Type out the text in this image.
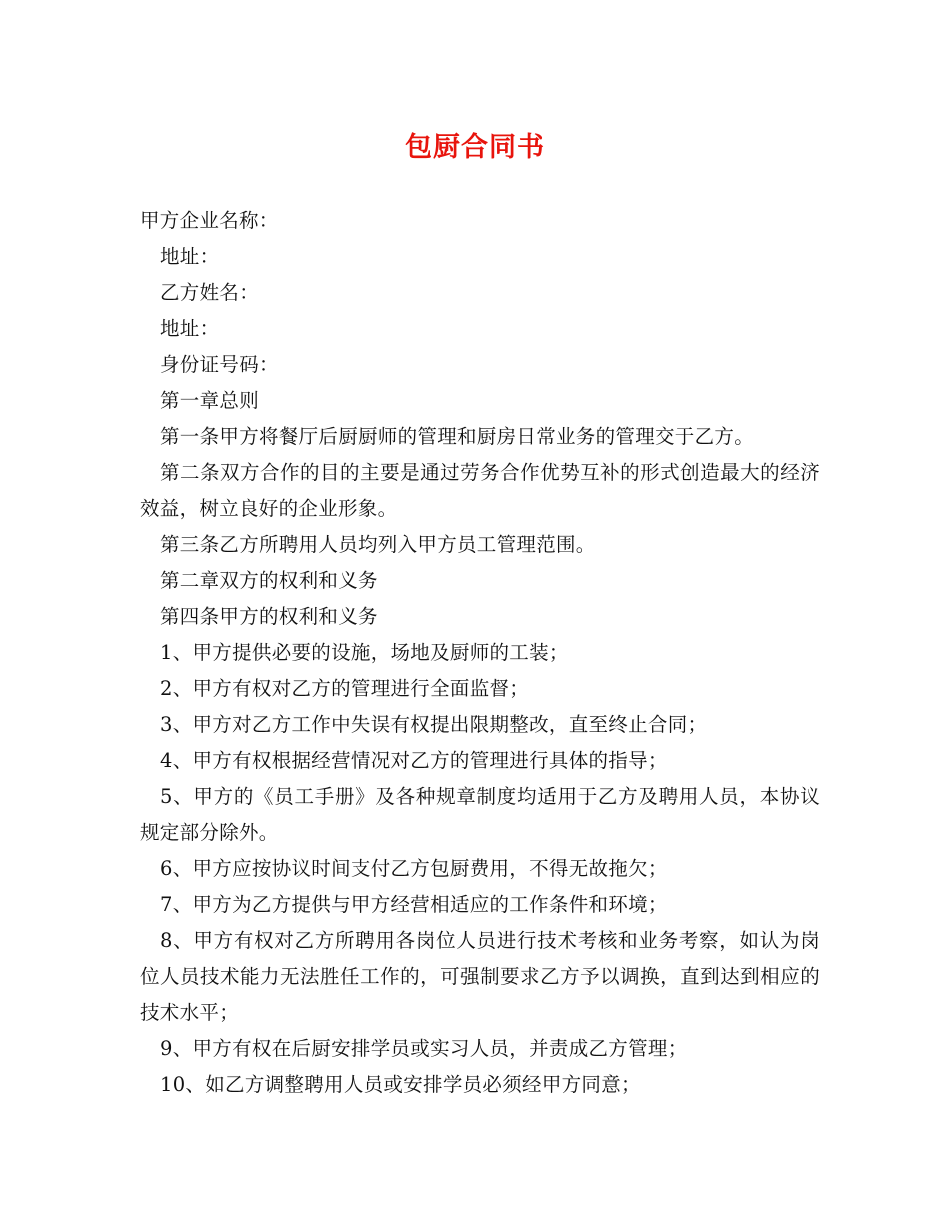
包厨合同书

甲方企业名称：

地址：

乙方姓名：

地址：

身份证号码：

第一章总则

第一条甲方将餐厅后厨厨师的管理和厨房日常业务的管理交于乙方。

第二条双方合作的目的主要是通过劳务合作优势互补的形式创造最大的经济效益，树立良好的企业形象。

第三条乙方所聘用人员均列入甲方员工管理范围。

第二章双方的权利和义务

第四条甲方的权利和义务

1、甲方提供必要的设施，场地及厨师的工装；

2、甲方有权对乙方的管理进行全面监督；

3、甲方对乙方工作中失误有权提出限期整改，直至终止合同；

4、甲方有权根据经营情况对乙方的管理进行具体的指导；

5、甲方的《员工手册》及各种规章制度均适用于乙方及聘用人员，本协议规定部分除外。

6、甲方应按协议时间支付乙方包厨费用，不得无故拖欠；

7、甲方为乙方提供与甲方经营相适应的工作条件和环境；

8、甲方有权对乙方所聘用各岗位人员进行技术考核和业务考察，如认为岗位人员技术能力无法胜任工作的，可强制要求乙方予以调换，直到达到相应的技术水平；

9、甲方有权在后厨安排学员或实习人员，并责成乙方管理；

10、如乙方调整聘用人员或安排学员必须经甲方同意；
